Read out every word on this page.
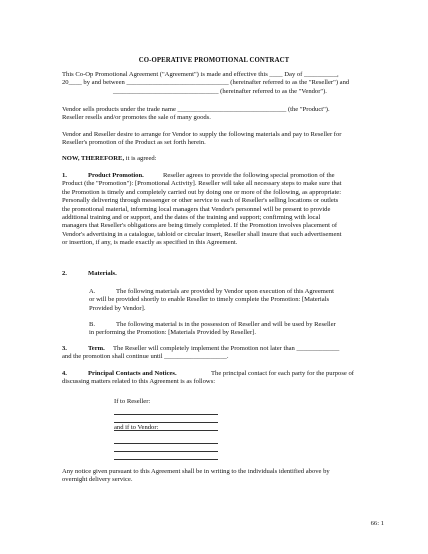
CO-OPERATIVE PROMOTIONAL CONTRACT
This Co-Op Promotional Agreement ("Agreement") is made and effective this ____ Day of __________,
20____ by and between _______________________________ (hereinafter referred to as the "Reseller") and
________________________________ (hereinafter referred to as the "Vendor").
Vendor sells products under the trade name _________________________________ (the "Product").
Reseller resells and/or promotes the sale of many goods.
Vendor and Reseller desire to arrange for Vendor to supply the following materials and pay to Reseller for
Reseller's promotion of the Product as set forth herein.
NOW, THEREFORE, it is agreed:
1.	Product Promotion.	Reseller agrees to provide the following special promotion of the
Product (the "Promotion"): [Promotional Activity]. Reseller will take all necessary steps to make sure that
the Promotion is timely and completely carried out by doing one or more of the following, as appropriate:
Personally delivering through messenger or other service to each of Reseller's selling locations or outlets
the promotional material, informing local managers that Vendor's personnel will be present to provide
additional training and or support, and the dates of the training and support; confirming with local
managers that Reseller's obligations are being timely completed. If the Promotion involves placement of
Vendor's advertising in a catalogue, tabloid or circular insert, Reseller shall insure that such advertisement
or insertion, if any, is made exactly as specified in this Agreement.
2.	Materials.
A.	The following materials are provided by Vendor upon execution of this Agreement
or will be provided shortly to enable Reseller to timely complete the Promotion: [Materials
Provided by Vendor].
B.	The following material is in the possession of Reseller and will be used by Reseller
in performing the Promotion: [Materials Provided by Reseller].
3.	Term. The Reseller will completely implement the Promotion not later than _____________
and the promotion shall continue until ___________________.
4.	Principal Contacts and Notices.	The principal contact for each party for the purpose of
discussing matters related to this Agreement is as follows:
If to Reseller:
and if to Vendor:
Any notice given pursuant to this Agreement shall be in writing to the individuals identified above by
overnight delivery service.
66: 1
